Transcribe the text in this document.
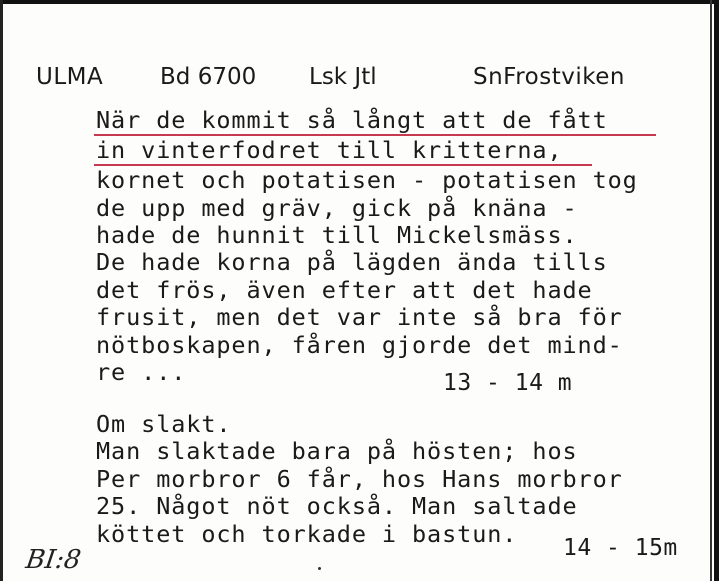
ULMA Bd 6700 Lsk Jtl	SnFrostviken
När de kommit så långt att de fått
in vinterfodret till kritterna,
kornet och potatisen - potatisen tog
de upp med gräv, gick på knäna -
hade de hunnit till Mickelsmäss.
De hade korna på lägden ända tills
det frös, även efter att det hade
frusit, men det var inte så bra för
nötboskapen, fåren gjorde det mind-
re ...	13 - 14 m
Om slakt.
Man slaktade bara på hösten; hos
Per morbror 6 får, hos Hans morbror
25. Något nöt också. Man saltade
köttet och torkade i bastun. 14 - 15m
BI:8
